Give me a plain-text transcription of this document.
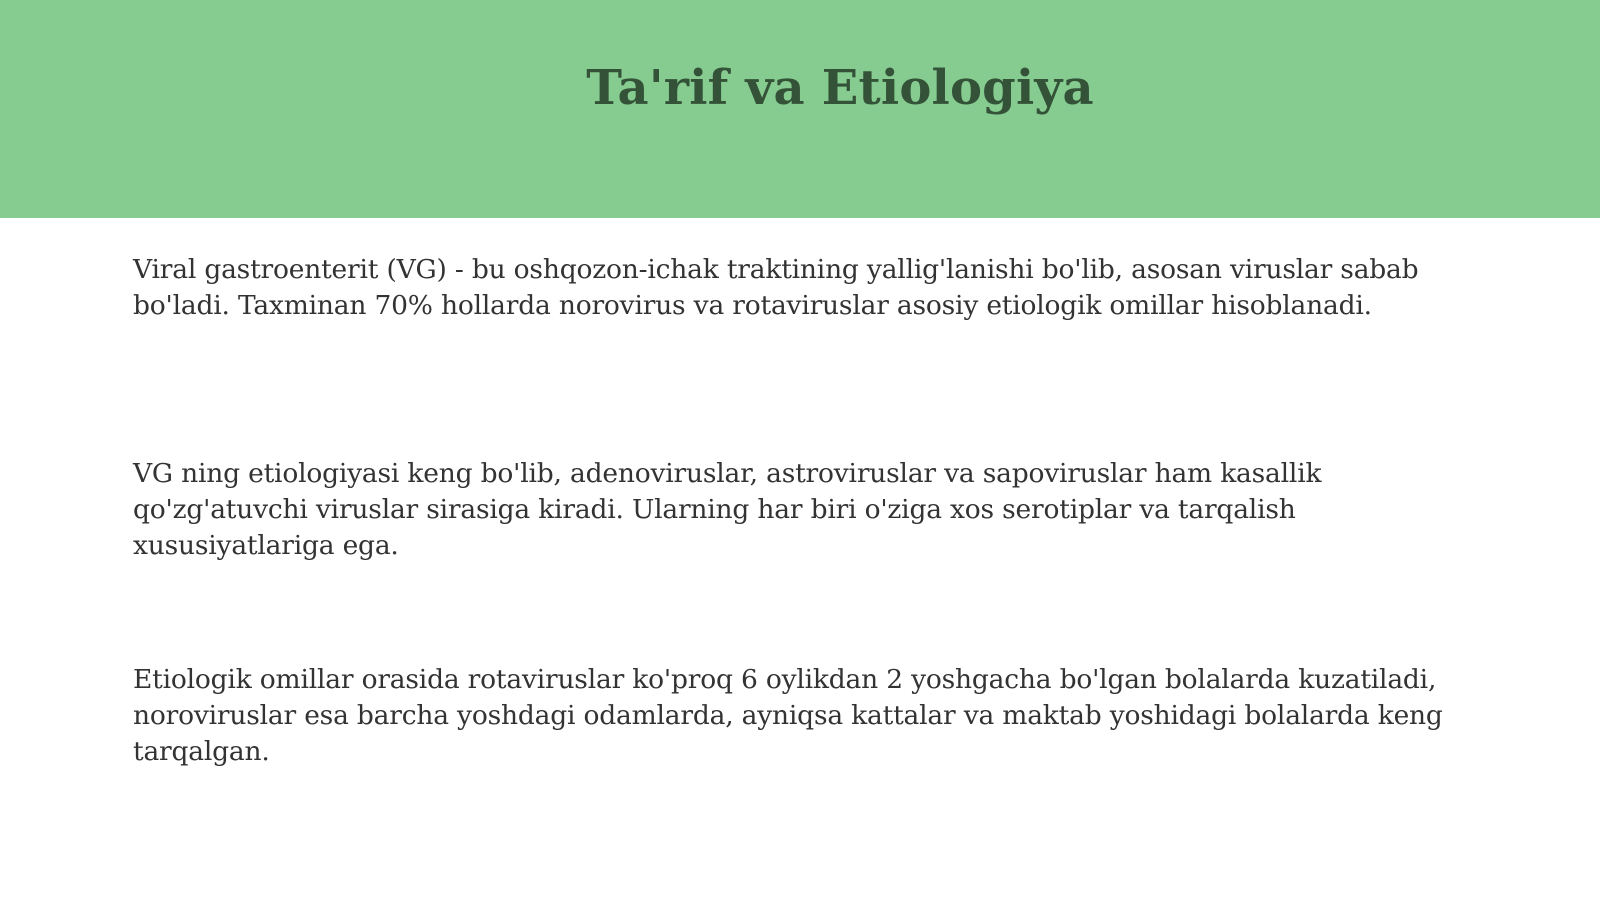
Ta'rif va Etiologiya

Viral gastroenterit (VG) - bu oshqozon-ichak traktining yallig'lanishi bo'lib, asosan viruslar sabab bo'ladi. Taxminan 70% hollarda norovirus va rotaviruslar asosiy etiologik omillar hisoblanadi.

VG ning etiologiyasi keng bo'lib, adenoviruslar, astroviruslar va sapoviruslar ham kasallik qo'zg'atuvchi viruslar sirasiga kiradi. Ularning har biri o'ziga xos serotiplar va tarqalish xususiyatlariga ega.

Etiologik omillar orasida rotaviruslar ko'proq 6 oylikdan 2 yoshgacha bo'lgan bolalarda kuzatiladi, noroviruslar esa barcha yoshdagi odamlarda, ayniqsa kattalar va maktab yoshidagi bolalarda keng tarqalgan.
